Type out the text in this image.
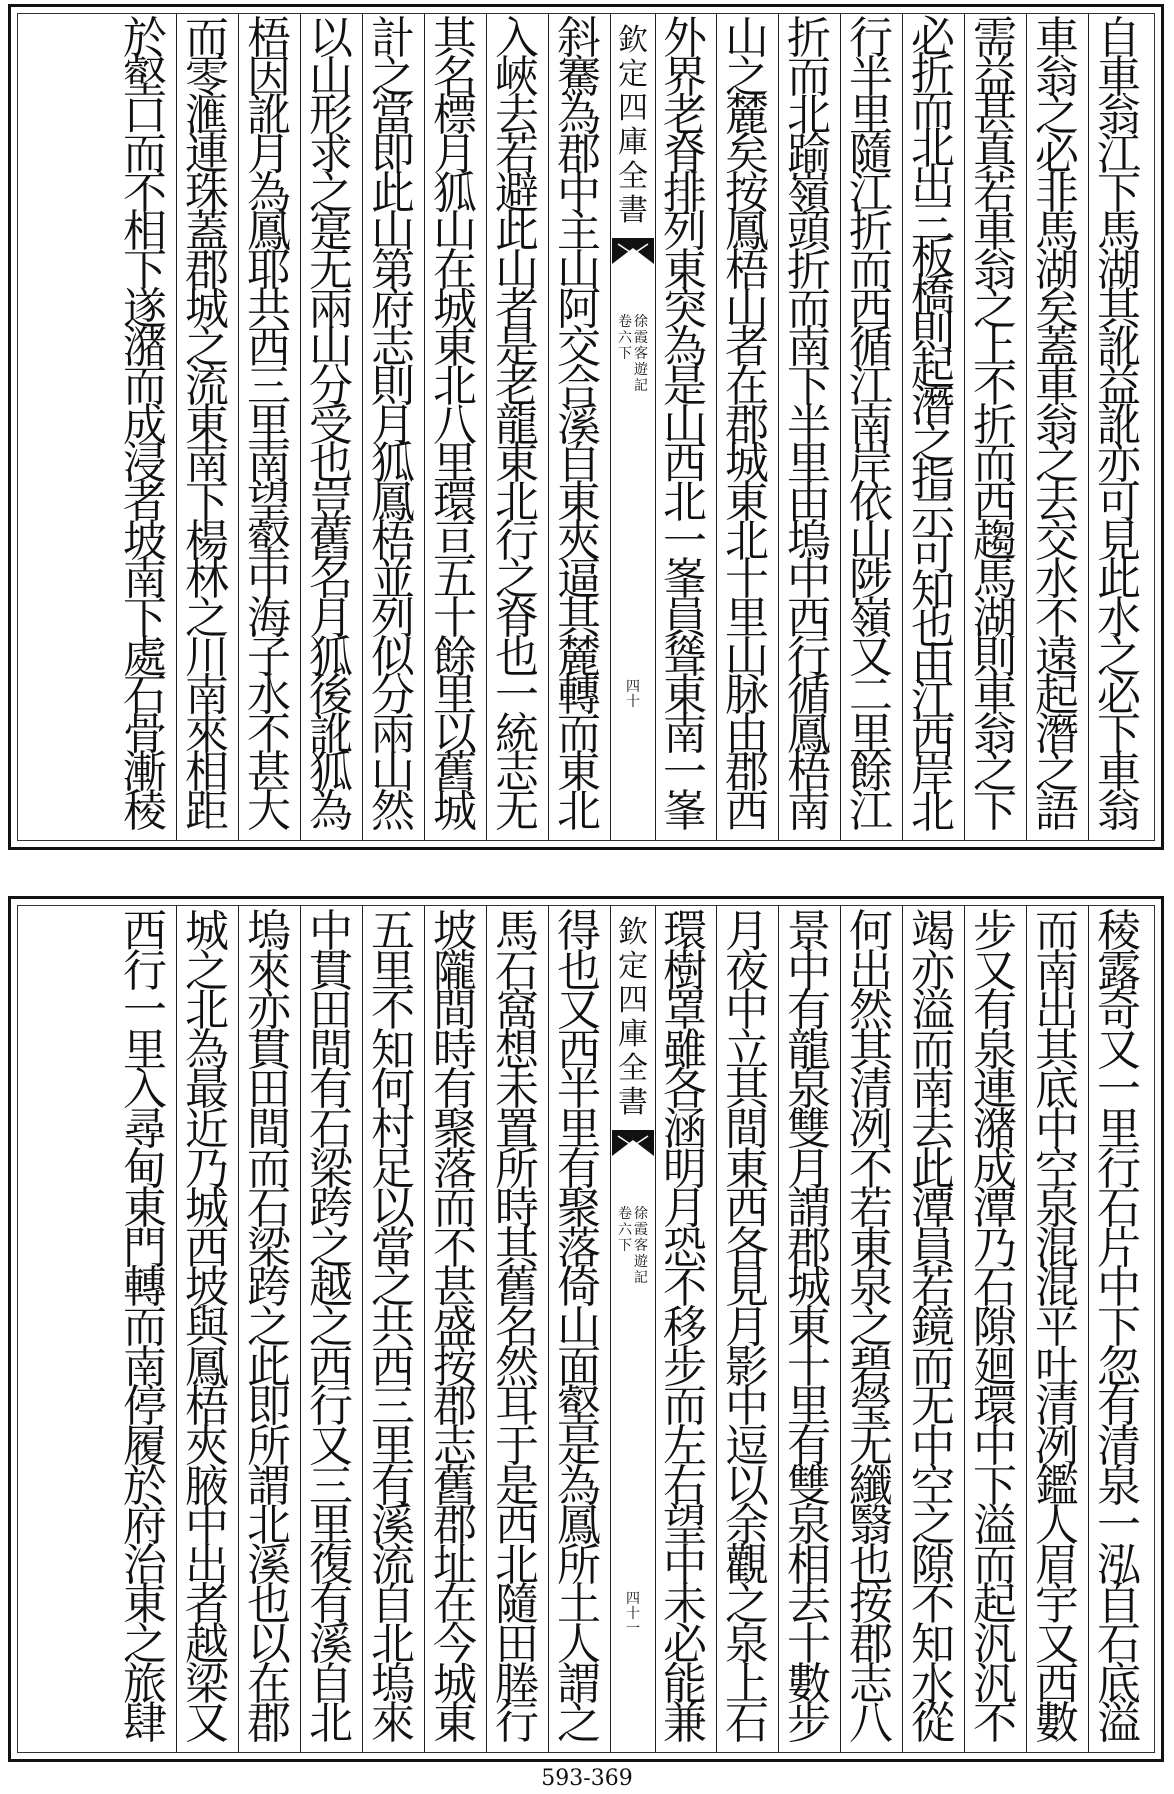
自
車
翁
江
下
馬
湖
其
訛
益
訛
亦
可
見
此
水
之
必
下
車
翁
車
翁
之
必
非
馬
湖
矣
蓋
車
翁
之
去
交
水
不
遠
起
潛
之
語
需
益
甚
真
若
車
翁
之
上
不
折
而
西
趨
馬
湖
則
車
翁
之
下
必
折
而
北
出
三
板
橋
則
起
潛
之
指
示
可
知
也
由
江
西
岸
北
行
半
里
隨
江
折
而
西
循
江
南
岸
依
山
陟
嶺
又
二
里
餘
江
折
而
北
踰
嶺
頭
折
而
南
下
半
里
由
塢
中
西
行
循
鳳
梧
南
山
之
麓
矣
按
鳳
梧
山
者
在
郡
城
東
北
十
里
山
脉
由
郡
西
外
界
老
脊
排
列
東
突
為
是
山
西
北
一
峯
員
聳
東
南
一
峯
欽
定
四
庫
全
書
卷
六
下
徐
霞
客
遊
記
四
十
斜
騫
為
郡
中
主
山
阿
交
合
溪
自
東
夾
逼
其
麓
轉
而
東
北
入
峽
去
若
避
此
山
者
是
老
龍
東
北
行
之
脊
也
一
統
志
无
其
名
標
月
狐
山
在
城
東
北
八
里
環
亘
五
十
餘
里
以
舊
城
計
之
當
即
此
山
第
府
志
則
月
狐
鳳
梧
並
列
似
分
兩
山
然
以
山
形
求
之
寔
无
兩
山
分
受
也
豈
舊
名
月
狐
後
訛
狐
為
梧
因
訛
月
為
鳳
耶
共
西
三
里
南
望
壑
中
海
子
水
不
甚
大
而
零
滙
連
珠
蓋
郡
城
之
流
東
南
下
楊
林
之
川
南
來
相
距
於
壑
口
而
不
相
下
遂
潴
而
成
浸
者
坡
南
下
處
石
骨
漸
稜
稜
露
奇
又
一
里
行
石
片
中
下
忽
有
清
泉
一
泓
自
石
底
溢
而
南
出
其
底
中
空
泉
混
混
平
吐
清
冽
鑑
人
眉
宇
又
西
數
步
又
有
泉
連
潴
成
潭
乃
石
隙
廻
環
中
下
溢
而
起
汎
汎
不
竭
亦
溢
而
南
去
此
潭
員
若
鏡
而
无
中
空
之
隙
不
知
水
從
何
出
然
其
清
冽
不
若
東
泉
之
碧
瑩
无
纖
翳
也
按
郡
志
八
景
中
有
龍
泉
雙
月
謂
郡
城
東
十
里
有
雙
泉
相
去
十
數
步
月
夜
中
立
其
間
東
西
各
見
月
影
中
逗
以
余
觀
之
泉
上
石
環
樹
罩
雖
各
涵
明
月
恐
不
移
步
而
左
右
望
中
未
必
能
兼
欽
定
四
庫
全
書
卷
六
下
徐
霞
客
遊
記
四
十
一
得
也
又
西
半
里
有
聚
落
倚
山
面
壑
是
為
鳳
所
土
人
謂
之
馬
石
窩
想
未
置
所
時
其
舊
名
然
耳
于
是
西
北
隨
田
塍
行
坡
隴
間
時
有
聚
落
而
不
甚
盛
按
郡
志
舊
郡
址
在
今
城
東
五
里
不
知
何
村
足
以
當
之
共
西
三
里
有
溪
流
自
北
塢
來
中
貫
田
間
有
石
梁
跨
之
越
之
西
行
又
三
里
復
有
溪
自
北
塢
來
亦
貫
田
間
而
石
梁
跨
之
此
即
所
謂
北
溪
也
以
在
郡
城
之
北
為
最
近
乃
城
西
坡
與
鳳
梧
夾
腋
中
出
者
越
梁
又
西
行
一
里
入
尋
甸
東
門
轉
而
南
停
履
於
府
治
東
之
旅
肆
593-369
